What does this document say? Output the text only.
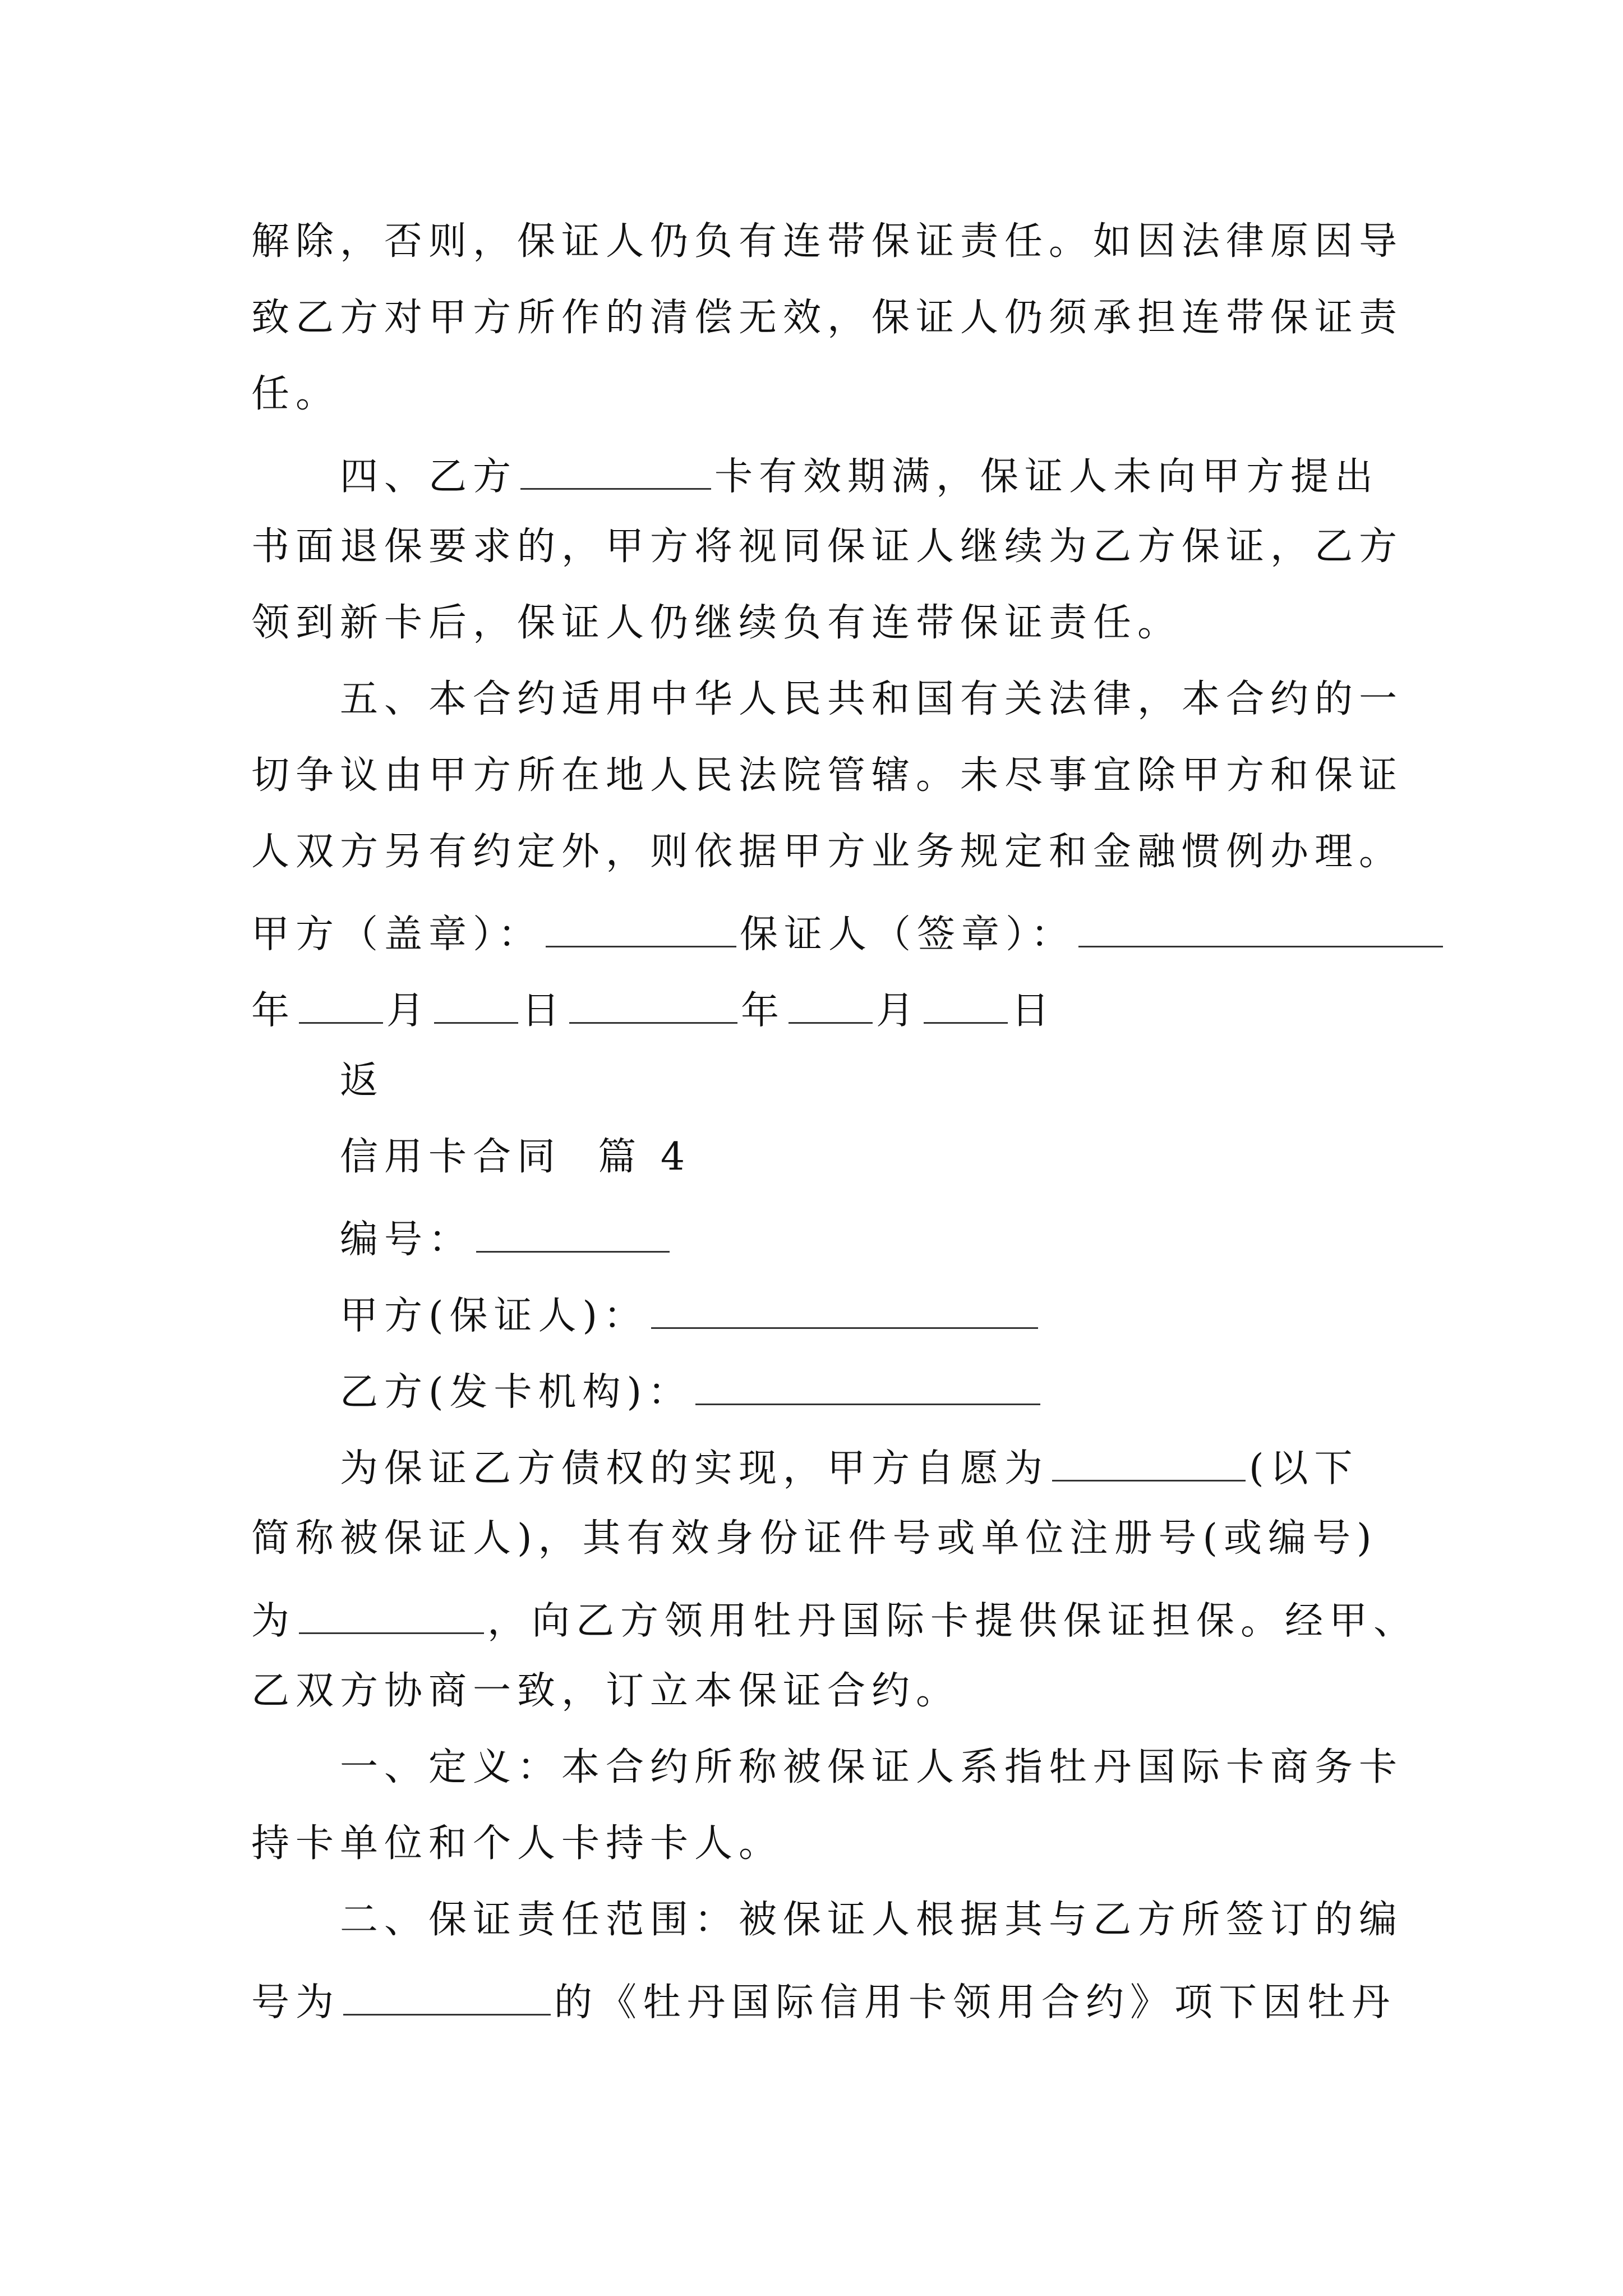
解除，否则，保证人仍负有连带保证责任。如因法律原因导

致乙方对甲方所作的清偿无效，保证人仍须承担连带保证责

任。

四、乙方	卡有效期满，保证人未向甲方提出

书面退保要求的，甲方将视同保证人继续为乙方保证，乙方

领到新卡后，保证人仍继续负有连带保证责任。

五、本合约适用中华人民共和国有关法律，本合约的一

切争议由甲方所在地人民法院管辖。未尽事宜除甲方和保证

人双方另有约定外，则依据甲方业务规定和金融惯例办理。

甲方（盖章）：	保证人（签章）：

年 月 日	年 月 日

返

信用卡合同  篇 4

编号：

甲方(保证人)：

乙方(发卡机构)：

为保证乙方债权的实现，甲方自愿为	(以下

简称被保证人)，其有效身份证件号或单位注册号(或编号)

为	，向乙方领用牡丹国际卡提供保证担保。经甲、

乙双方协商一致，订立本保证合约。

一、定义：本合约所称被保证人系指牡丹国际卡商务卡

持卡单位和个人卡持卡人。

二、保证责任范围：被保证人根据其与乙方所签订的编

号为	的《牡丹国际信用卡领用合约》项下因牡丹
